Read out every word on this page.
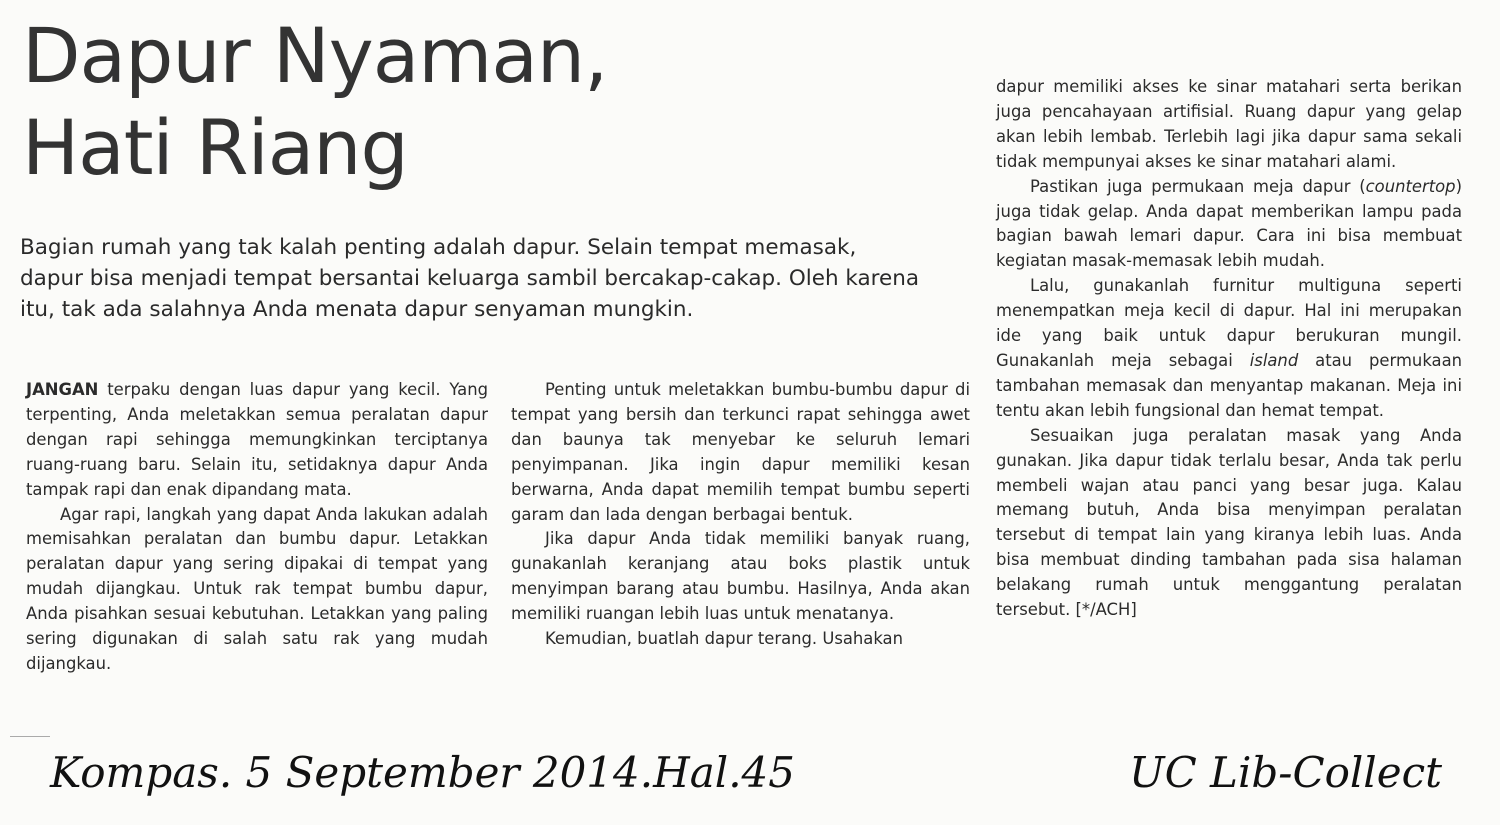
Dapur Nyaman,
Hati Riang

Bagian rumah yang tak kalah penting adalah dapur. Selain tempat memasak, dapur bisa menjadi tempat bersantai keluarga sambil bercakap-cakap. Oleh karena itu, tak ada salahnya Anda menata dapur senyaman mungkin.

JANGAN terpaku dengan luas dapur yang kecil. Yang terpenting, Anda meletakkan semua peralatan dapur dengan rapi sehingga memungkinkan terciptanya ruang-ruang baru. Selain itu, setidaknya dapur Anda tampak rapi dan enak dipandang mata.

Agar rapi, langkah yang dapat Anda lakukan adalah memisahkan peralatan dan bumbu dapur. Letakkan peralatan dapur yang sering dipakai di tempat yang mudah dijangkau. Untuk rak tempat bumbu dapur, Anda pisahkan sesuai kebutuhan. Letakkan yang paling sering digunakan di salah satu rak yang mudah dijangkau.

Penting untuk meletakkan bumbu-bumbu dapur di tempat yang bersih dan terkunci rapat sehingga awet dan baunya tak menyebar ke seluruh lemari penyimpanan. Jika ingin dapur memiliki kesan berwarna, Anda dapat memilih tempat bumbu seperti garam dan lada dengan berbagai bentuk.

Jika dapur Anda tidak memiliki banyak ruang, gunakanlah keranjang atau boks plastik untuk menyimpan barang atau bumbu. Hasilnya, Anda akan memiliki ruangan lebih luas untuk menatanya.

Kemudian, buatlah dapur terang. Usahakan

dapur memiliki akses ke sinar matahari serta berikan juga pencahayaan artifisial. Ruang dapur yang gelap akan lebih lembab. Terlebih lagi jika dapur sama sekali tidak mempunyai akses ke sinar matahari alami.

Pastikan juga permukaan meja dapur (countertop) juga tidak gelap. Anda dapat memberikan lampu pada bagian bawah lemari dapur. Cara ini bisa membuat kegiatan masak-memasak lebih mudah.

Lalu, gunakanlah furnitur multiguna seperti menempatkan meja kecil di dapur. Hal ini merupakan ide yang baik untuk dapur berukuran mungil. Gunakanlah meja sebagai island atau permukaan tambahan memasak dan menyantap makanan. Meja ini tentu akan lebih fungsional dan hemat tempat.

Sesuaikan juga peralatan masak yang Anda gunakan. Jika dapur tidak terlalu besar, Anda tak perlu membeli wajan atau panci yang besar juga. Kalau memang butuh, Anda bisa menyimpan peralatan tersebut di tempat lain yang kiranya lebih luas. Anda bisa membuat dinding tambahan pada sisa halaman belakang rumah untuk menggantung peralatan tersebut. [*/ACH]

Kompas. 5 September 2014.Hal.45	UC Lib-Collect
